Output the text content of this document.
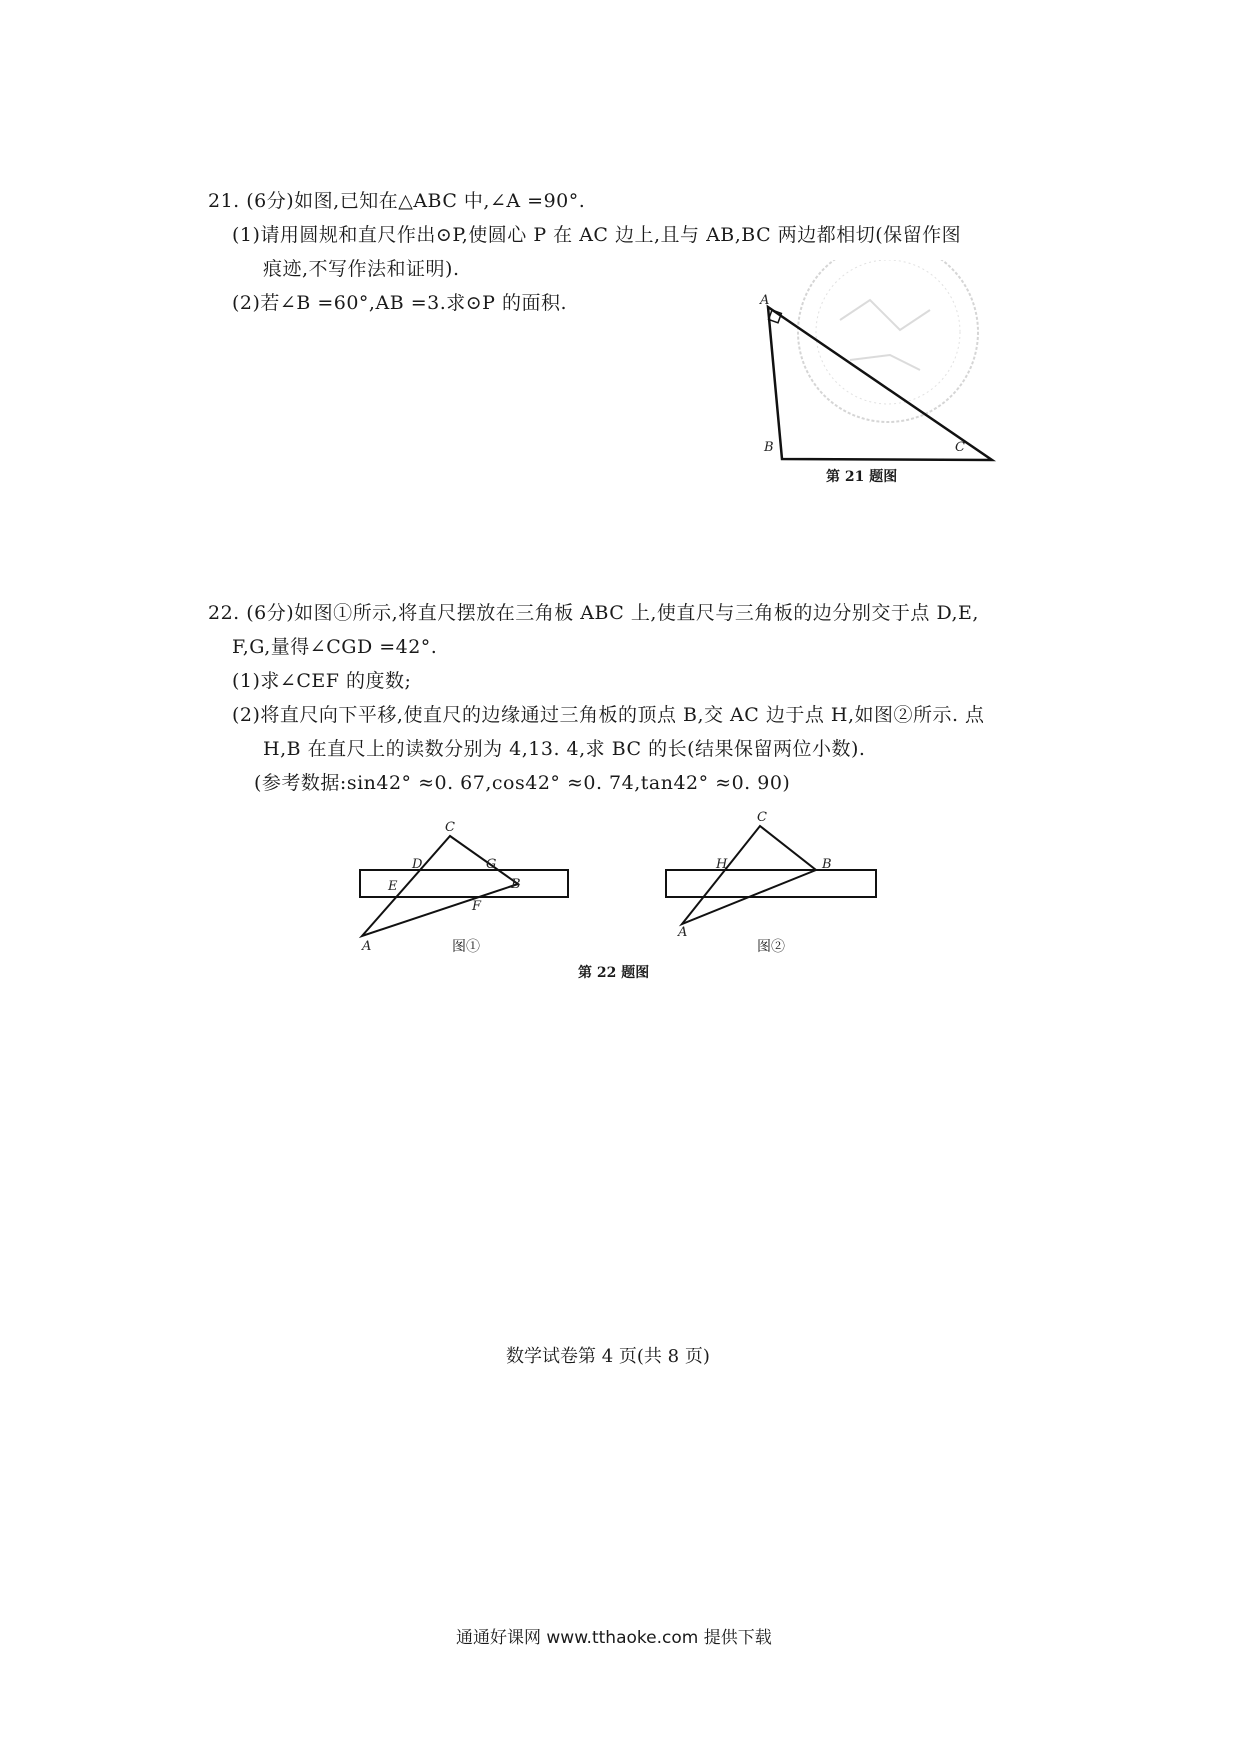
21. (6分)如图,已知在△ABC 中,∠A =90°.
(1)请用圆规和直尺作出⊙P,使圆心 P 在 AC 边上,且与 AB,BC 两边都相切(保留作图
痕迹,不写作法和证明).
(2)若∠B =60°,AB =3.求⊙P 的面积.	A
B	C
第 21 题图
22. (6分)如图①所示,将直尺摆放在三角板 ABC 上,使直尺与三角板的边分别交于点 D,E,
F,G,量得∠CGD =42°.
(1)求∠CEF 的度数;
(2)将直尺向下平移,使直尺的边缘通过三角板的顶点 B,交 AC 边于点 H,如图②所示. 点
H,B 在直尺上的读数分别为 4,13. 4,求 BC 的长(结果保留两位小数).
(参考数据:sin42° ≈0. 67,cos42° ≈0. 74,tan42° ≈0. 90)
C
D	G
E	B
F
A	图①
C
H	B
A
图②
第 22 题图
数学试卷第 4 页(共 8 页)
通通好课网 www.tthaoke.com 提供下载
